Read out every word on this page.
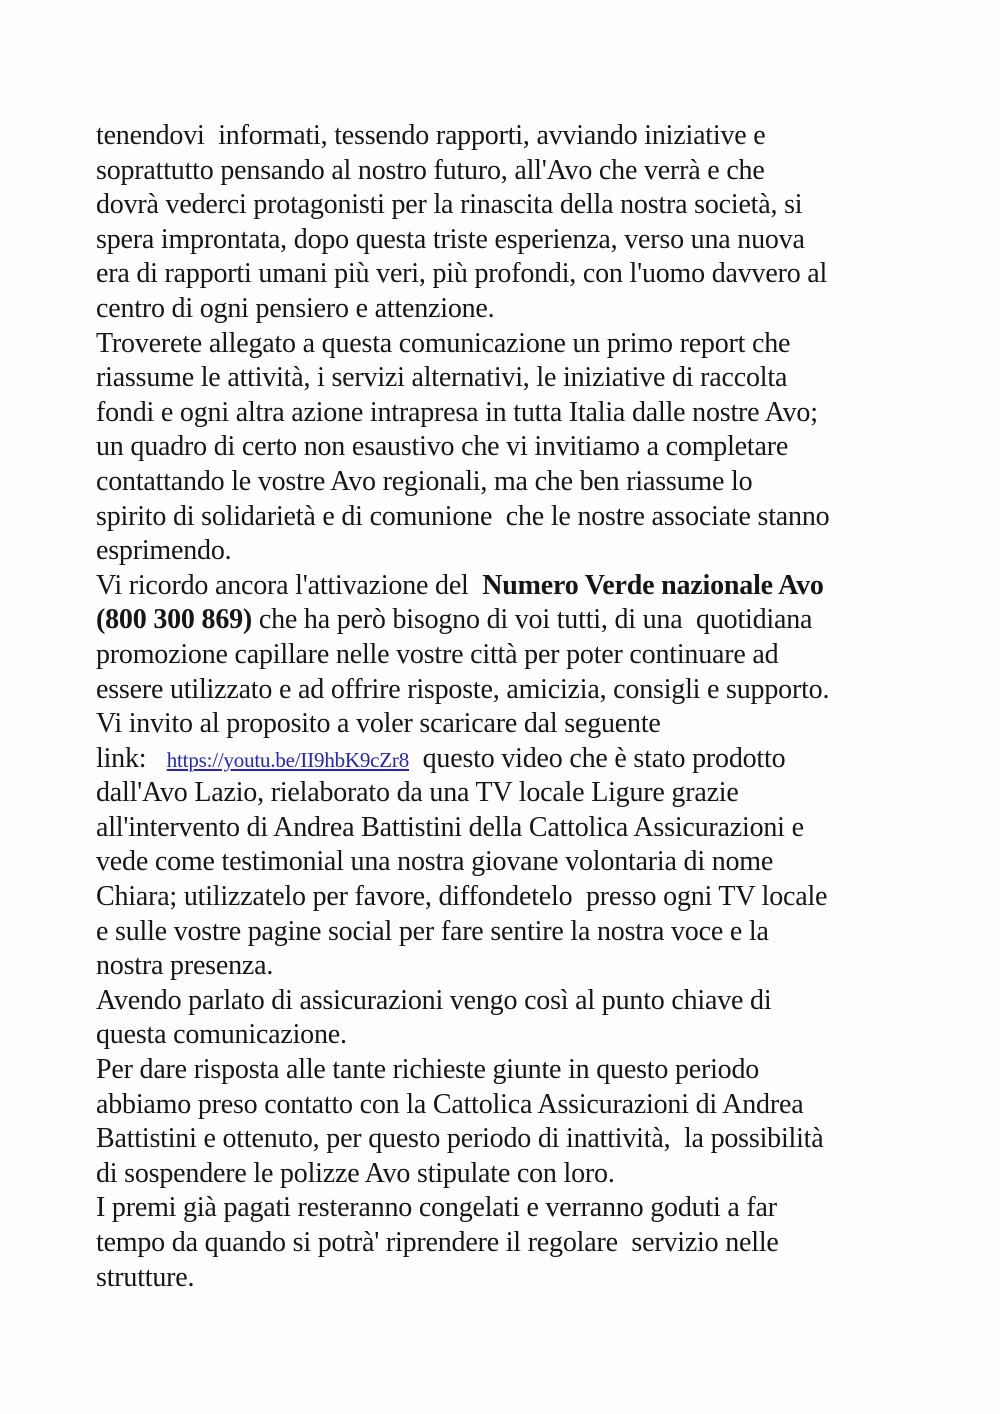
tenendovi  informati, tessendo rapporti, avviando iniziative e
soprattutto pensando al nostro futuro, all'Avo che verrà e che
dovrà vederci protagonisti per la rinascita della nostra società, si
spera improntata, dopo questa triste esperienza, verso una nuova
era di rapporti umani più veri, più profondi, con l'uomo davvero al
centro di ogni pensiero e attenzione.
Troverete allegato a questa comunicazione un primo report che
riassume le attività, i servizi alternativi, le iniziative di raccolta
fondi e ogni altra azione intrapresa in tutta Italia dalle nostre Avo;
un quadro di certo non esaustivo che vi invitiamo a completare
contattando le vostre Avo regionali, ma che ben riassume lo
spirito di solidarietà e di comunione  che le nostre associate stanno
esprimendo.
Vi ricordo ancora l'attivazione del  Numero Verde nazionale Avo
(800 300 869) che ha però bisogno di voi tutti, di una  quotidiana
promozione capillare nelle vostre città per poter continuare ad
essere utilizzato e ad offrire risposte, amicizia, consigli e supporto.
Vi invito al proposito a voler scaricare dal seguente
link:   https://youtu.be/II9hbK9cZr8  questo video che è stato prodotto
dall'Avo Lazio, rielaborato da una TV locale Ligure grazie
all'intervento di Andrea Battistini della Cattolica Assicurazioni e
vede come testimonial una nostra giovane volontaria di nome
Chiara; utilizzatelo per favore, diffondetelo  presso ogni TV locale
e sulle vostre pagine social per fare sentire la nostra voce e la
nostra presenza.
Avendo parlato di assicurazioni vengo così al punto chiave di
questa comunicazione.
Per dare risposta alle tante richieste giunte in questo periodo
abbiamo preso contatto con la Cattolica Assicurazioni di Andrea
Battistini e ottenuto, per questo periodo di inattività,  la possibilità
di sospendere le polizze Avo stipulate con loro.
I premi già pagati resteranno congelati e verranno goduti a far
tempo da quando si potrà' riprendere il regolare  servizio nelle
strutture.
